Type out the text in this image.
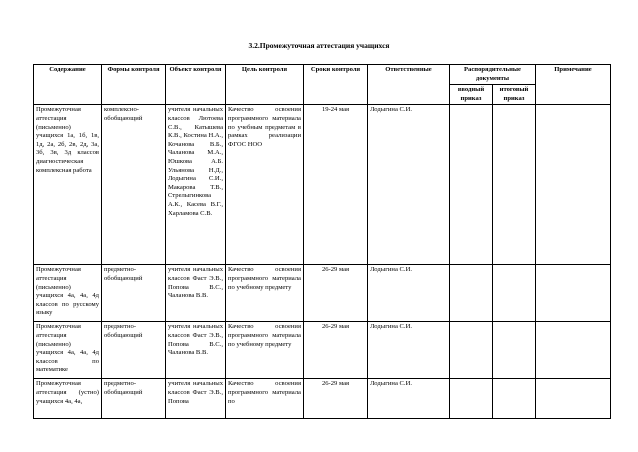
3.2.Промежуточная аттестация учащихся
Содержание	Формы контроля	Объект контроля	Цель контроля	Сроки контроля	Ответственные	Распорядительные документы		Примечание
						вводный приказ	итоговый приказ	
Промежуточная аттестация (письменно) учащихся 1а, 1б, 1в, 1д, 2а, 2б, 2в, 2д, 3а, 3б, 3в, 3д классов диагностическая комплексная работа	комплексно-обобщающий	учителя начальных классов Лютоева С.В., Катышева К.В., Костина Н.А., Кочанова В.Б., Чаланова М.А., Юшкова А.Б. Ульянова Н.Д., Лодыгина С.И., Макарова Т.В., Стрелыгинкова А.К., Касева В.Г., Харламова С.В.	Качество освоения программного материала по учебным предметам в рамках реализации ФГОС НОО	19-24 мая	Лодыгина С.И.			
Промежуточная аттестация (письменно) учащихся 4а, 4а, 4д классов по русскому языку	предметно-обобщающий	учителя начальных классов Фаст Э.В., Попова В.С., Чаланова В.В.	Качество освоения программного материала по учебному предмету	26-29 мая	Лодыгина С.И.			
Промежуточная аттестация (письменно) учащихся 4а, 4а, 4д классов по математике	предметно-обобщающий	учителя начальных классов Фаст Э.В., Попова В.С., Чаланова В.В.	Качество освоения программного материала по учебному предмету	26-29 мая	Лодыгина С.И.			
Промежуточная аттестация (устно) учащихся 4а, 4а,	предметно-обобщающий	учителя начальных классов Фаст Э.В., Попова	Качество освоения программного материала по	26-29 мая	Лодыгина С.И.			
